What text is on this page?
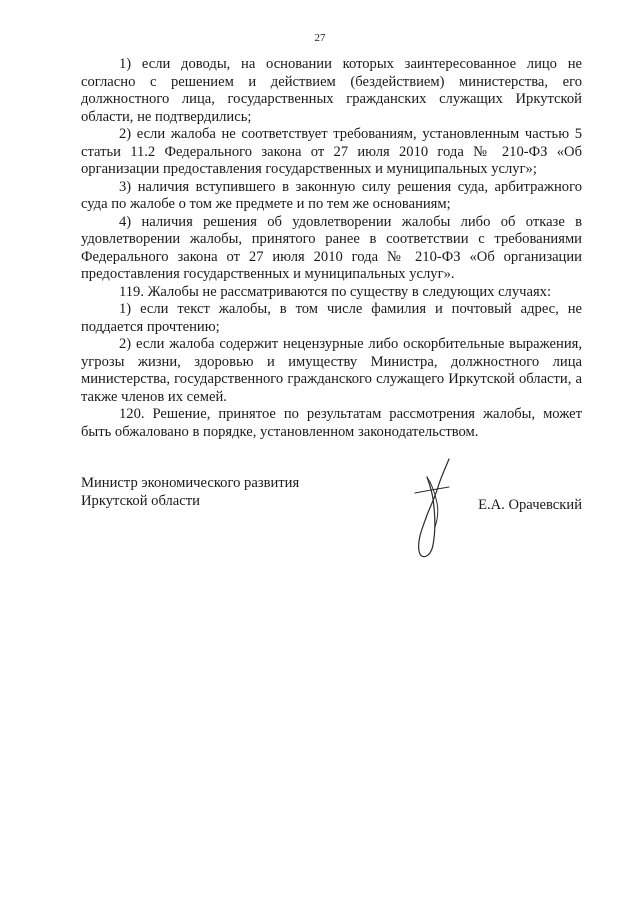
27

1) если доводы, на основании которых заинтересованное лицо не согласно с решением и действием (бездействием) министерства, его должностного лица, государственных гражданских служащих Иркутской области, не подтвердились;

2) если жалоба не соответствует требованиям, установленным частью 5 статьи 11.2 Федерального закона от 27 июля 2010 года № 210-ФЗ «Об организации предоставления государственных и муниципальных услуг»;

3) наличия вступившего в законную силу решения суда, арбитражного суда по жалобе о том же предмете и по тем же основаниям;

4) наличия решения об удовлетворении жалобы либо об отказе в удовлетворении жалобы, принятого ранее в соответствии с требованиями Федерального закона от 27 июля 2010 года № 210-ФЗ «Об организации предоставления государственных и муниципальных услуг».

119. Жалобы не рассматриваются по существу в следующих случаях:

1) если текст жалобы, в том числе фамилия и почтовый адрес, не поддается прочтению;

2) если жалоба содержит нецензурные либо оскорбительные выражения, угрозы жизни, здоровью и имуществу Министра, должностного лица министерства, государственного гражданского служащего Иркутской области, а также членов их семей.

120. Решение, принятое по результатам рассмотрения жалобы, может быть обжаловано в порядке, установленном законодательством.

Министр экономического развития
Иркутской области	Е.А. Орачевский
